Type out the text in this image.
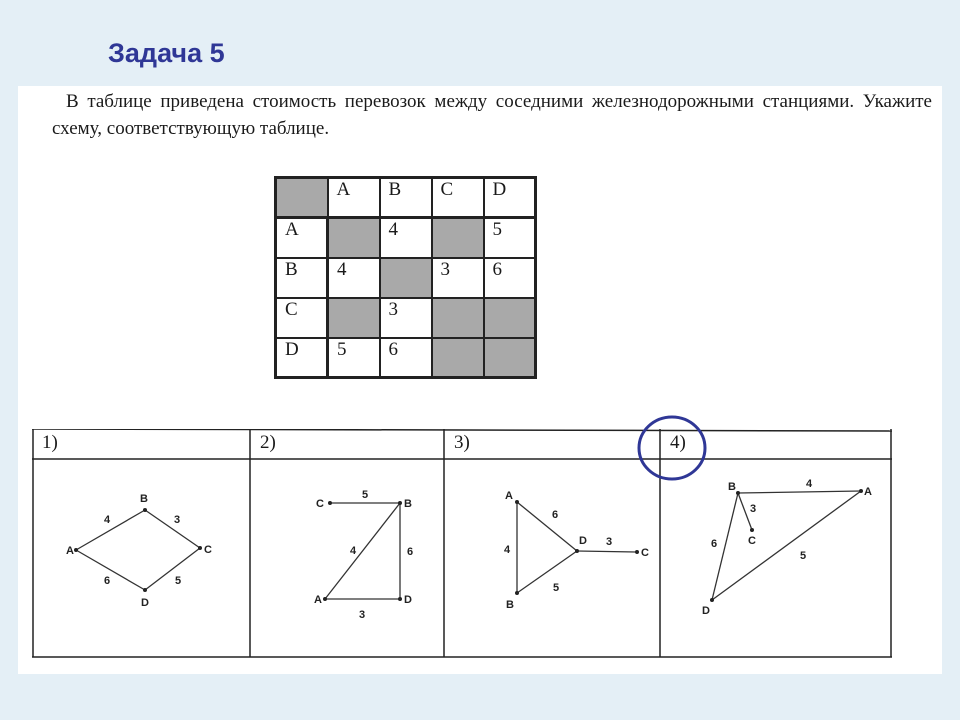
Задача 5

В таблице приведена стоимость перевозок между соседними железнодорожными станциями. Укажите схему, соответствующую таблице.

	A	B	C	D
A		4		5
B	4		3	6
C		3		
D	5	6		
1)	2)	3)	4)
B
A	C
D
4	3
6	5
C	B
A	D
5
4	6
3
A
B
D
C
4
6
5
3
B	A
C
D
4
3
6
5
